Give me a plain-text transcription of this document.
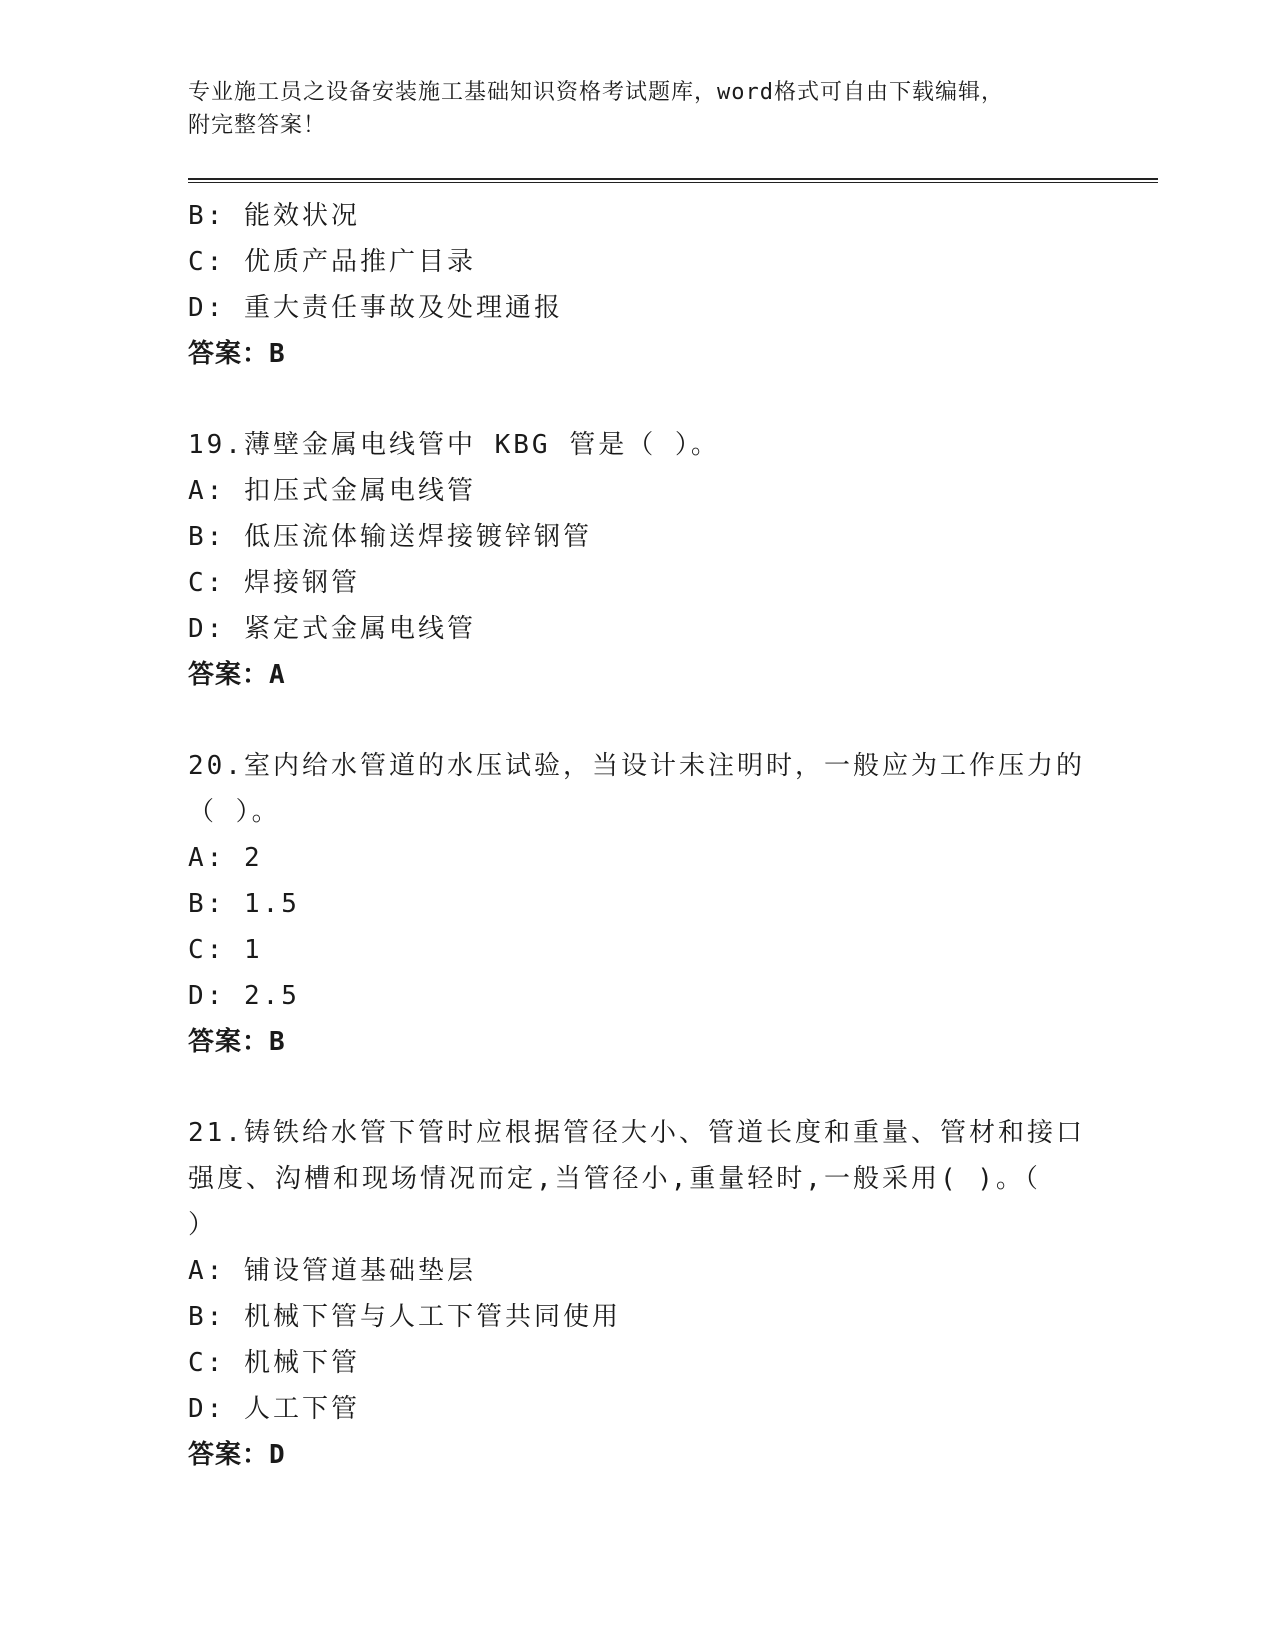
专业施工员之设备安装施工基础知识资格考试题库，word格式可自由下载编辑，
附完整答案！
B: 能效状况
C: 优质产品推广目录
D: 重大责任事故及处理通报
答案：B
19.薄壁金属电线管中 KBG 管是（ ）。
A: 扣压式金属电线管
B: 低压流体输送焊接镀锌钢管
C: 焊接钢管
D: 紧定式金属电线管
答案：A
20.室内给水管道的水压试验，当设计未注明时，一般应为工作压力的
（ ）。
A: 2
B: 1.5
C: 1
D: 2.5
答案：B
21.铸铁给水管下管时应根据管径大小、管道长度和重量、管材和接口
强度、沟槽和现场情况而定,当管径小,重量轻时,一般采用( )。（
）
A: 铺设管道基础垫层
B: 机械下管与人工下管共同使用
C: 机械下管
D: 人工下管
答案：D
